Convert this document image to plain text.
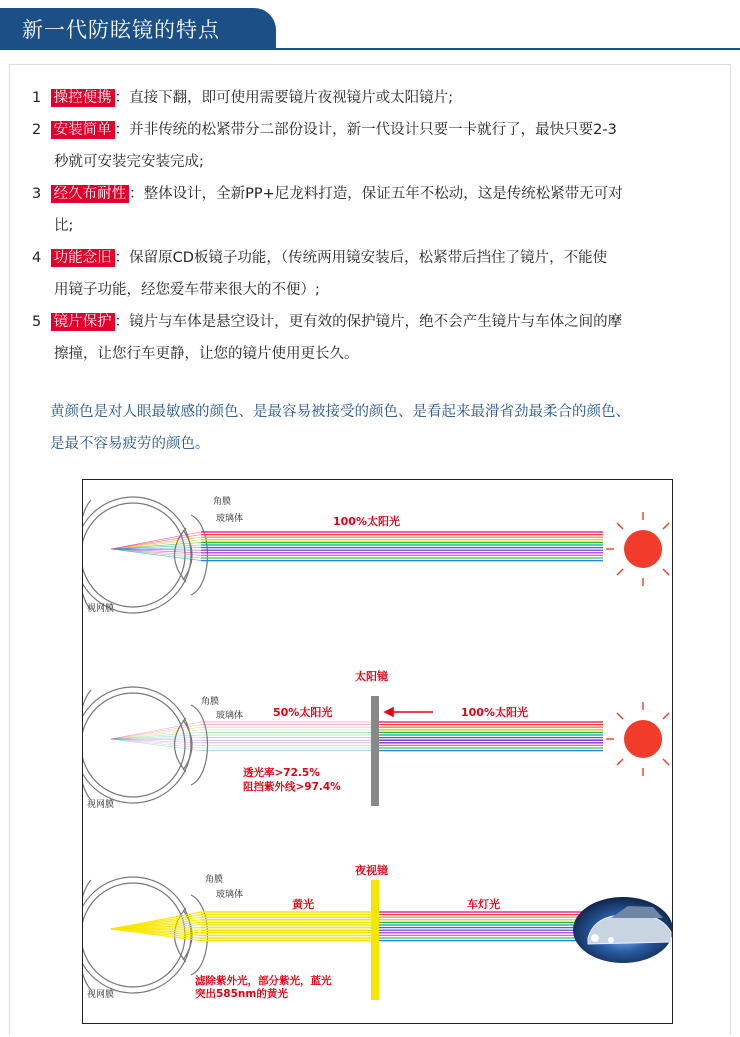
新一代防眩镜的特点
1 操控便携 ：直接下翻，即可使用需要镜片夜视镜片或太阳镜片;
2 安装简单 ：并非传统的松紧带分二部份设计，新一代设计只要一卡就行了，最快只要2-3
秒就可安装完安装完成;
3 经久布耐性 ：整体设计，全新PP+尼龙料打造，保证五年不松动，这是传统松紧带无可对
比;
4 功能念旧 ：保留原CD板镜子功能，（传统两用镜安装后，松紧带后挡住了镜片，不能使
用镜子功能，经您爱车带来很大的不便）;
5 镜片保护 ：镜片与车体是悬空设计，更有效的保护镜片，绝不会产生镜片与车体之间的摩
擦撞，让您行车更静，让您的镜片使用更长久。
黄颜色是对人眼最敏感的颜色、是最容易被接受的颜色、是看起来最滑省劲最柔合的颜色、
是最不容易疲劳的颜色。
角膜
玻璃体
视网膜
100%太阳光
角膜
玻璃体
视网膜
太阳镜
50%太阳光	100%太阳光
透光率>72.5%
阻挡紫外线>97.4%
角膜
玻璃体
视网膜
夜视镜
黄光	车灯光
滤除紫外光，部分紫光，蓝光
突出585nm的黄光
